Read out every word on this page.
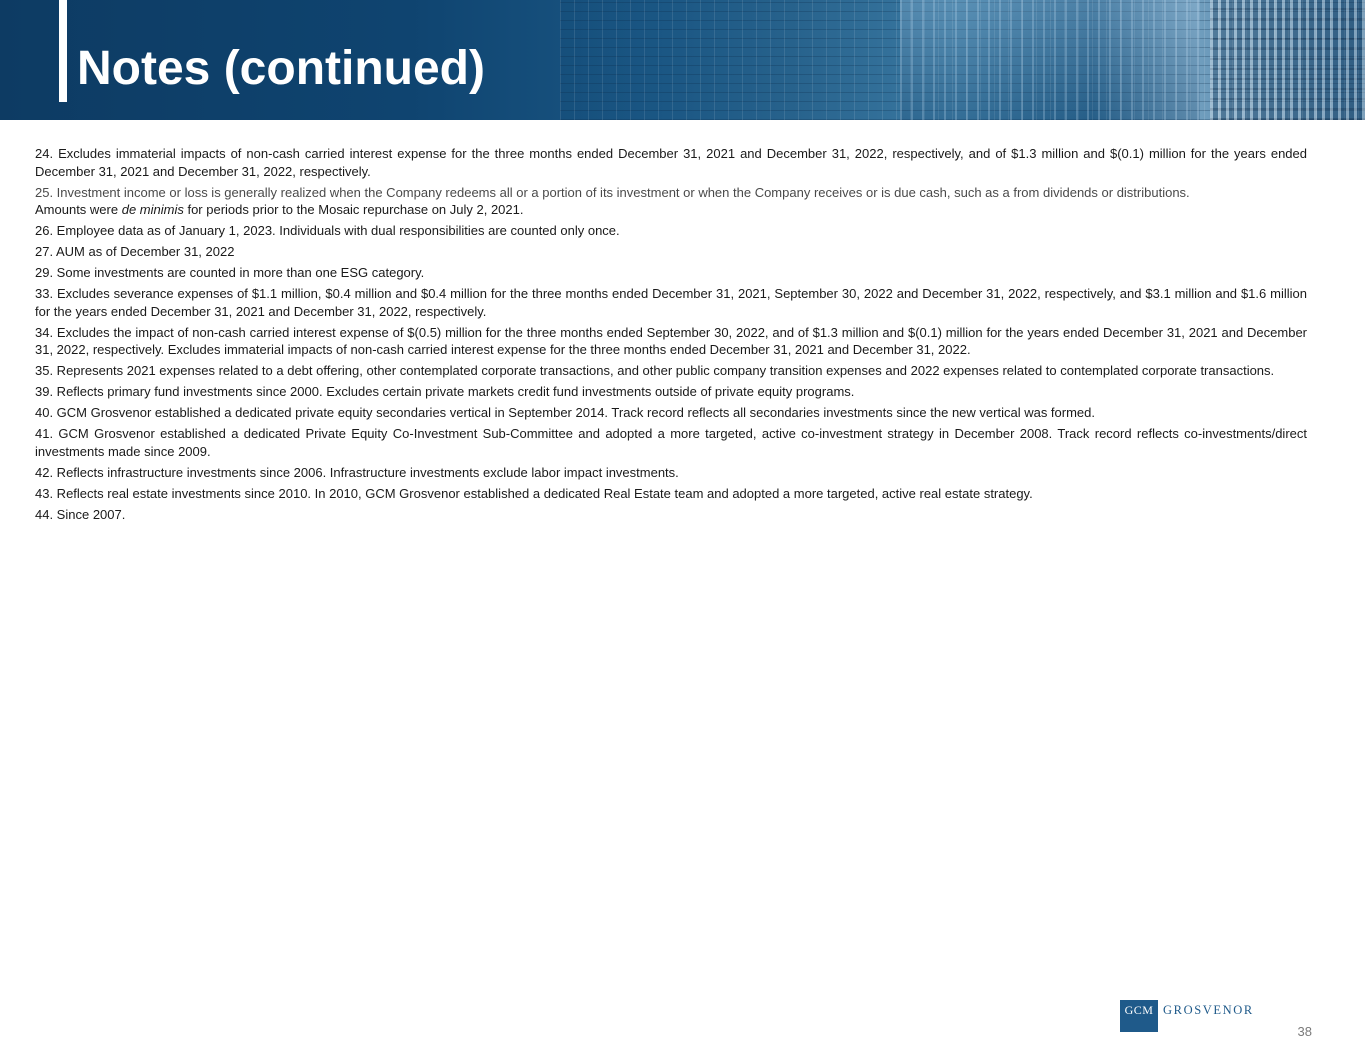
Notes (continued)

24. Excludes immaterial impacts of non-cash carried interest expense for the three months ended December 31, 2021 and December 31, 2022, respectively, and of $1.3 million and $(0.1) million for the years ended December 31, 2021 and December 31, 2022, respectively.

25. Investment income or loss is generally realized when the Company redeems all or a portion of its investment or when the Company receives or is due cash, such as a from dividends or distributions.

Amounts were de minimis for periods prior to the Mosaic repurchase on July 2, 2021.

26. Employee data as of January 1, 2023. Individuals with dual responsibilities are counted only once.

27. AUM as of December 31, 2022

29. Some investments are counted in more than one ESG category.

33. Excludes severance expenses of $1.1 million, $0.4 million and $0.4 million for the three months ended December 31, 2021, September 30, 2022 and December 31, 2022, respectively, and $3.1 million and $1.6 million for the years ended December 31, 2021 and December 31, 2022, respectively.

34. Excludes the impact of non-cash carried interest expense of $(0.5) million for the three months ended September 30, 2022, and of $1.3 million and $(0.1) million for the years ended December 31, 2021 and December 31, 2022, respectively. Excludes immaterial impacts of non-cash carried interest expense for the three months ended December 31, 2021 and December 31, 2022.

35. Represents 2021 expenses related to a debt offering, other contemplated corporate transactions, and other public company transition expenses and 2022 expenses related to contemplated corporate transactions.

39. Reflects primary fund investments since 2000. Excludes certain private markets credit fund investments outside of private equity programs.

40. GCM Grosvenor established a dedicated private equity secondaries vertical in September 2014. Track record reflects all secondaries investments since the new vertical was formed.

41. GCM Grosvenor established a dedicated Private Equity Co-Investment Sub-Committee and adopted a more targeted, active co-investment strategy in December 2008. Track record reflects co-investments/direct investments made since 2009.

42. Reflects infrastructure investments since 2006. Infrastructure investments exclude labor impact investments.

43. Reflects real estate investments since 2010. In 2010, GCM Grosvenor established a dedicated Real Estate team and adopted a more targeted, active real estate strategy.

44. Since 2007.

GCM GROSVENOR
38
